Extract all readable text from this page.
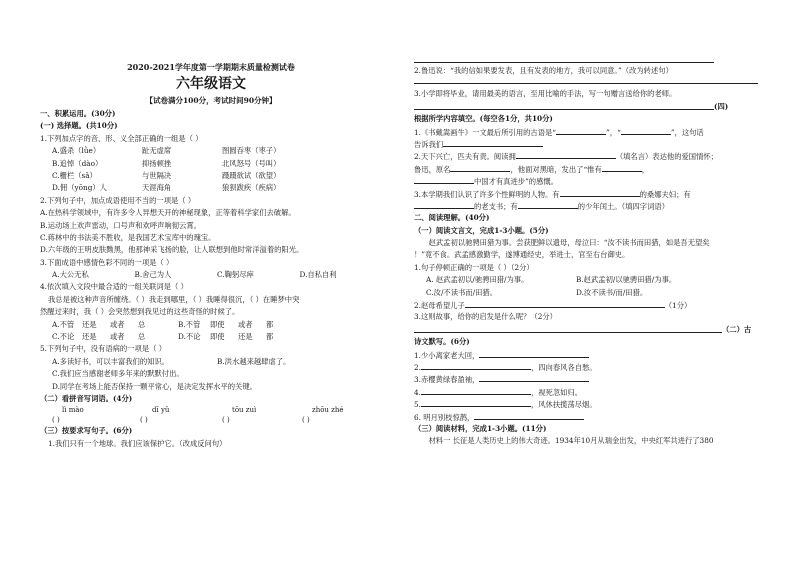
2020-2021学年度第一学期期末质量检测试卷
六年级语文
【试卷满分100分，考试时间90分钟】
一、积累运用。(30分)
(一) 选择题。(共10分)
1.下列加点字的音、形、义全部正确的一组是（ ）
A.盛杀（lǜe）	趾无虚席	图圆吞枣（枣子）
B.追悼（dào）	抑扬顿挫	北风怒号（号叫）
C.栅栏（sǎ）	与世隔决	蹑蹑欲试（欲望）
D.佣（yōng）人	天涯海角	狼狈跋疾（疾病）
2.下列句子中，加点成语使用不当的一项是（ ）
A.在热科学领域中，有许多令人异想天开的神秘现象，正等着科学家们去破解。
B.运动场上欢声雷动，口号声和欢呼声响彻云霄。
C.蒋林中的书法美不胜收，是我国艺术宝库中的瑰宝。
D.六年级的王明皮肤黝黑，他那神采飞扬的脸，让人联想到他时常洋溢着的阳光。
3.下面成语中感情色彩不同的一项是（ ）
A.大公无私	B.舍己为人	C.鞠躬尽瘁	D.自私自利
4.依次填入文段中最合适的一组关联词是（ ）
我总是被这种声音所缠绕。（ ）我走到哪里，（ ）我睡得很沉，（ ）在睡梦中突
然醒过来时，我（ ）会突然想到我见过的这些奇怪的时候了。
A.不管	还是	或者	总	B.不管	即使	或者	都
C.不论	还是	或者	总	D.不论	即使	还是	都
5.下列句子中，没有语病的一项是（ ）
A.多读好书，可以丰富我们的知识。	B.洪水越来越肆虐了。
C.我们应当感谢老师多年来的默默付出。
D.同学在考场上能否保持一颗平常心，是决定发挥水平的关键。
（二）看拼音写词语。(4分)
lì mào	dī yǔ	tōu zuì	zhōu zhé
( )	( )	( )	( )
（三）按要求写句子。(6分)
1.我们只有一个地球。我们应该保护它。（改成反问句）
2.鲁迅说：“我的信如果要发表，且有发表的地方，我可以同意。”（改为转述句）
3.小学即将毕业，请用最美的语言，至用比喻的手法，写一句赠言送给你的老师。
(四)
根据所学内容填空。(每空各1分，共10分)
1.《书戴嵩画牛》一文最后所引用的古语是“	”，“	”，这句话
告诉我们
2.天下兴亡，匹夫有责。阅读拥	（填名言）表达他的爱国情怀；
鲁迅，原名	，他面对黑暗，发出了“惟有	，
中国才有真进步”的感慨。
3.本学期我们认识了许多个性鲜明的人物。有	的桑娜夫妇；有
的老支书；有	的少年闰土。（填四字词语）
二、阅读理解。(40分)
（一）阅读文言文，完成1-3小题。(5分)
　　赵武孟初以驰骋田猎为事。尝获肥鲜以遗母，母泣曰：“汝不读书而田猎，如是吾无望矣
！”竟不食。武孟感激勤学，遂博通经史，举进士，官至右台御史。
1.句子停顿正确的一项是（ ）（2分）
A. 赵武孟初以/驰骋田猎/为事。	B.赵武孟初/以驰骋田猎/为事。
C.汝/不读书而/田猎。	D.汝不读书/而/田猎。
2.赵母希望儿子	（1分）
3.这则故事，给你的启发是什么呢？（2分）
（二）古
诗文默写。(6分)
1.少小离家老大回，
2.	，四向春风各自愁。
3.赤樱黄绿春盈袖，
4.	，视死忽如归。
5.	，风休扶揽荡尽烟。
6. 明月别枝惊鹊，
（三）阅读材料，完成1-3小题。(11分)
　　材料一 长征是人类历史上的伟大奇迹。1934年10月从瑞金出发，中央红军共进行了380
